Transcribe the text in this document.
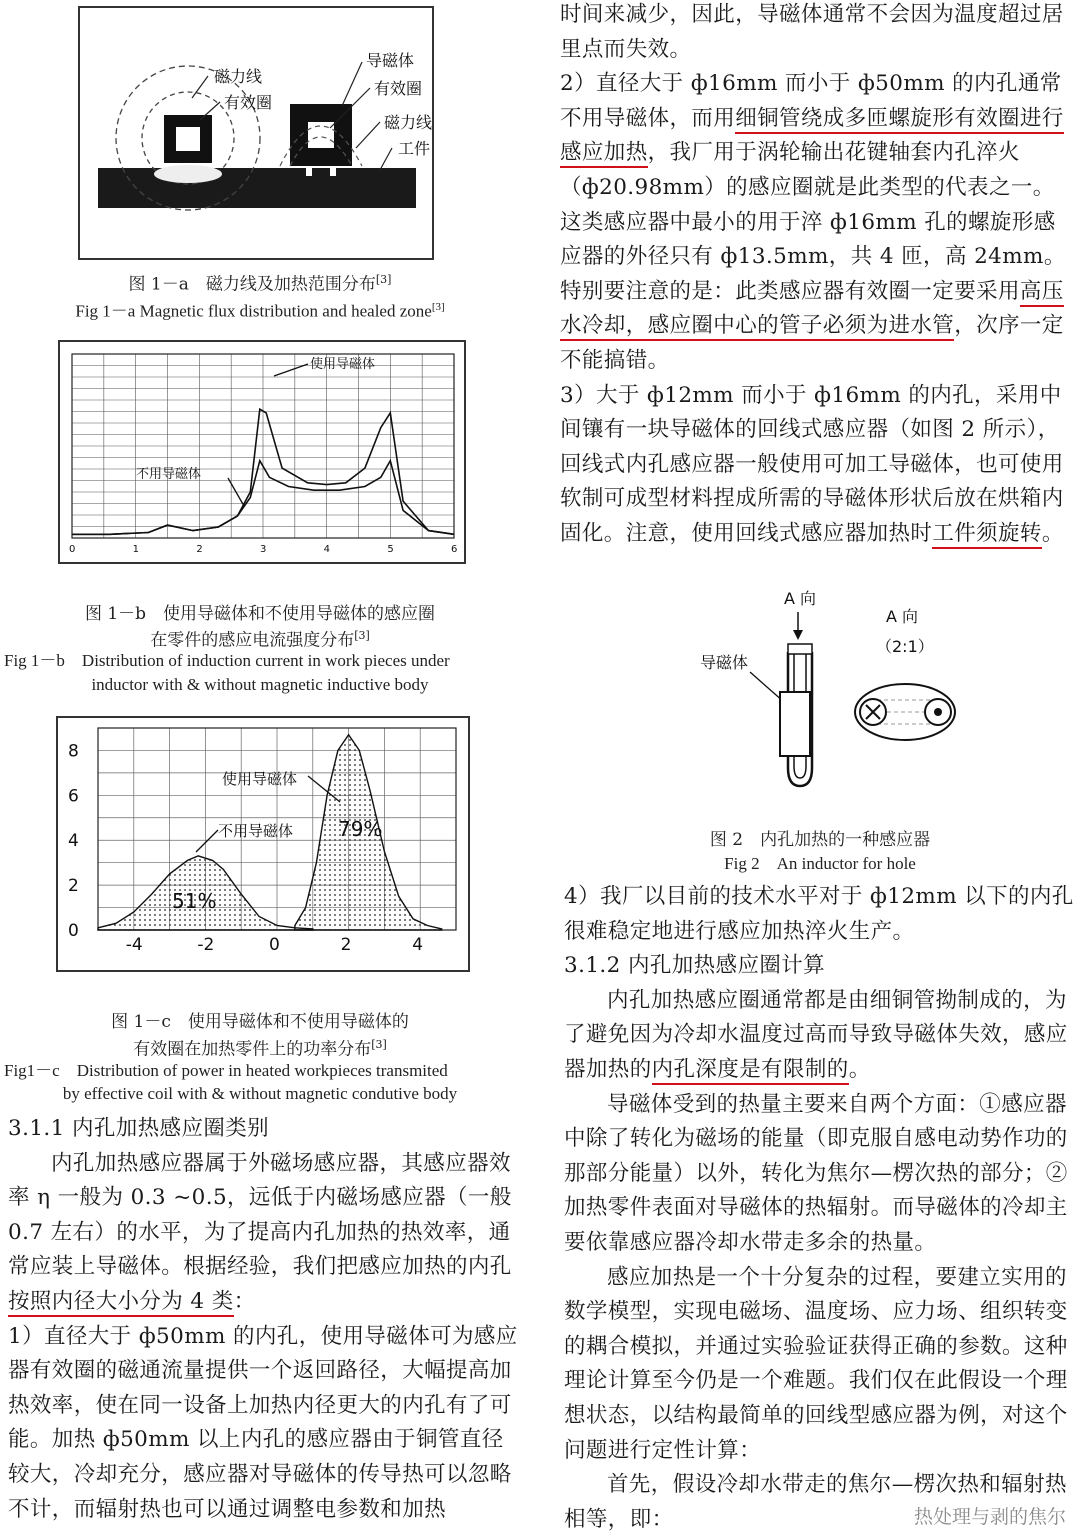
磁力线
有效圈
导磁体
有效圈
磁力线
工件
图 1－a　磁力线及加热范围分布[3]
Fig 1－a Magnetic flux distribution and healed zone[3]
0	1	2	3	4	5	6
使用导磁体
不用导磁体
图 1－b　使用导磁体和不使用导磁体的感应圈
在零件的感应电流强度分布[3]
Fig 1－b　Distribution of induction current in work pieces under
inductor with & without magnetic inductive body
-4	-2	0	2	4
0
2
4
6
8
使用导磁体
不用导磁体 79%
51%
图 1－c　使用导磁体和不使用导磁体的
有效圈在加热零件上的功率分布[3]
Fig1－c　Distribution of power in heated workpieces transmited
by effective coil with & without magnetic condutive body

3.1.1 内孔加热感应圈类别

内孔加热感应器属于外磁场感应器，其感应器效率 η 一般为 0.3 ~0.5，远低于内磁场感应器（一般 0.7 左右）的水平，为了提高内孔加热的热效率，通常应装上导磁体。根据经验，我们把感应加热的内孔按照内径大小分为 4 类：

1）直径大于 ф50mm 的内孔，使用导磁体可为感应器有效圈的磁通流量提供一个返回路径，大幅提高加热效率，使在同一设备上加热内径更大的内孔有了可能。加热 ф50mm 以上内孔的感应器由于铜管直径较大，冷却充分，感应器对导磁体的传导热可以忽略不计，而辐射热也可以通过调整电参数和加热

时间来减少，因此，导磁体通常不会因为温度超过居里点而失效。

2）直径大于 ф16mm 而小于 ф50mm 的内孔通常不用导磁体，而用细铜管绕成多匝螺旋形有效圈进行感应加热，我厂用于涡轮输出花键轴套内孔淬火（ф20.98mm）的感应圈就是此类型的代表之一。这类感应器中最小的用于淬 ф16mm 孔的螺旋形感应器的外径只有 ф13.5mm，共 4 匝，高 24mm。特别要注意的是：此类感应器有效圈一定要采用高压水冷却，感应圈中心的管子必须为进水管，次序一定不能搞错。

3）大于 ф12mm 而小于 ф16mm 的内孔，采用中间镶有一块导磁体的回线式感应器（如图 2 所示），回线式内孔感应器一般使用可加工导磁体，也可使用软制可成型材料捏成所需的导磁体形状后放在烘箱内固化。注意，使用回线式感应器加热时工件须旋转。

A 向
A 向
（2:1）
导磁体
图 2　内孔加热的一种感应器
Fig 2　An inductor for hole

4）我厂以目前的技术水平对于 ф12mm 以下的内孔很难稳定地进行感应加热淬火生产。

3.1.2 内孔加热感应圈计算

内孔加热感应圈通常都是由细铜管拗制成的，为了避免因为冷却水温度过高而导致导磁体失效，感应器加热的内孔深度是有限制的。

导磁体受到的热量主要来自两个方面：①感应器中除了转化为磁场的能量（即克服自感电动势作功的那部分能量）以外，转化为焦尔—楞次热的部分；②加热零件表面对导磁体的热辐射。而导磁体的冷却主要依靠感应器冷却水带走多余的热量。

感应加热是一个十分复杂的过程，要建立实用的数学模型，实现电磁场、温度场、应力场、组织转变的耦合模拟，并通过实验验证获得正确的参数。这种理论计算至今仍是一个难题。我们仅在此假设一个理想状态，以结构最简单的回线型感应器为例，对这个问题进行定性计算：

首先，假设冷却水带走的焦尔—楞次热和辐射热相等，即：	热处理与剥的焦尔
